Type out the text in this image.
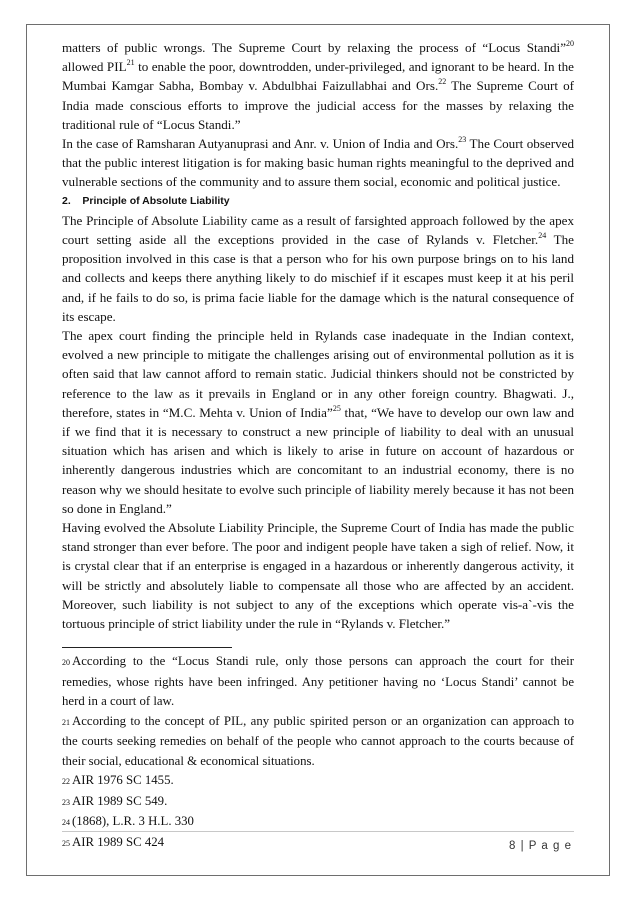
matters of public wrongs. The Supreme Court by relaxing the process of “Locus Standi”$^{20}$ allowed PIL$^{21}$ to enable the poor, downtrodden, under-privileged, and ignorant to be heard. In the Mumbai Kamgar Sabha, Bombay v. Abdulbhai Faizullabhai and Ors.$^{22}$ The Supreme Court of India made conscious efforts to improve the judicial access for the masses by relaxing the traditional rule of “Locus Standi.”

In the case of Ramsharan Autyanuprasi and Anr. v. Union of India and Ors.$^{23}$ The Court observed that the public interest litigation is for making basic human rights meaningful to the deprived and vulnerable sections of the community and to assure them social, economic and political justice.

2.    Principle of Absolute Liability

The Principle of Absolute Liability came as a result of farsighted approach followed by the apex court setting aside all the exceptions provided in the case of Rylands v. Fletcher.$^{24}$ The proposition involved in this case is that a person who for his own purpose brings on to his land and collects and keeps there anything likely to do mischief if it escapes must keep it at his peril and, if he fails to do so, is prima facie liable for the damage which is the natural consequence of its escape.

The apex court finding the principle held in Rylands case inadequate in the Indian context, evolved a new principle to mitigate the challenges arising out of environmental pollution as it is often said that law cannot afford to remain static. Judicial thinkers should not be constricted by reference to the law as it prevails in England or in any other foreign country. Bhagwati. J., therefore, states in “M.C. Mehta v. Union of India”$^{25}$ that, “We have to develop our own law and if we find that it is necessary to construct a new principle of liability to deal with an unusual situation which has arisen and which is likely to arise in future on account of hazardous or inherently dangerous industries which are concomitant to an industrial economy, there is no reason why we should hesitate to evolve such principle of liability merely because it has not been so done in England.”

Having evolved the Absolute Liability Principle, the Supreme Court of India has made the public stand stronger than ever before. The poor and indigent people have taken a sigh of relief. Now, it is crystal clear that if an enterprise is engaged in a hazardous or inherently dangerous activity, it will be strictly and absolutely liable to compensate all those who are affected by an accident. Moreover, such liability is not subject to any of the exceptions which operate vis-a`-vis the tortuous principle of strict liability under the rule in “Rylands v. Fletcher.”

20 According to the “Locus Standi rule, only those persons can approach the court for their remedies, whose rights have been infringed. Any petitioner having no ‘Locus Standi’ cannot be herd in a court of law.
21 According to the concept of PIL, any public spirited person or an organization can approach to the courts seeking remedies on behalf of the people who cannot approach to the courts because of their social, educational & economical situations.
22 AIR 1976 SC 1455.
23 AIR 1989 SC 549.
24 (1868), L.R. 3 H.L. 330
25 AIR 1989 SC 424	8 | P a g e
